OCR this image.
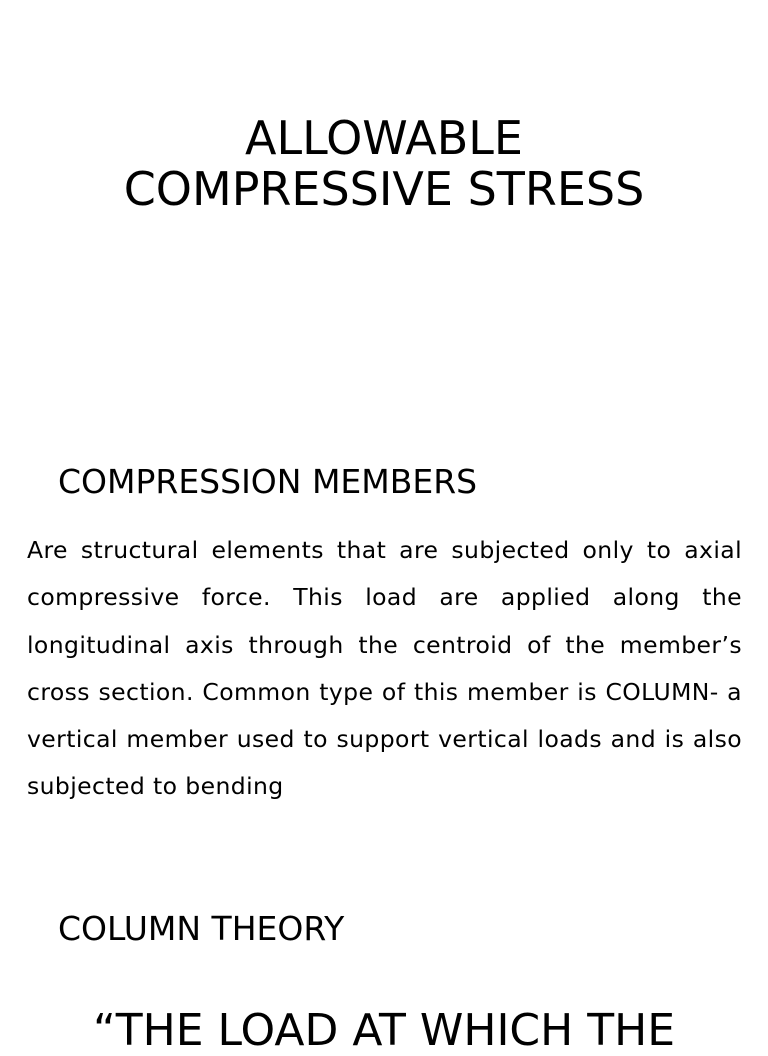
ALLOWABLE
COMPRESSIVE STRESS
COMPRESSION MEMBERS

Are structural elements that are subjected only to axial compressive force. This load are applied along the longitudinal axis through the centroid of the member’s cross section. Common type of this member is COLUMN- a vertical member used to support vertical loads and is also subjected to bending

COLUMN THEORY

“THE LOAD AT WHICH THE
